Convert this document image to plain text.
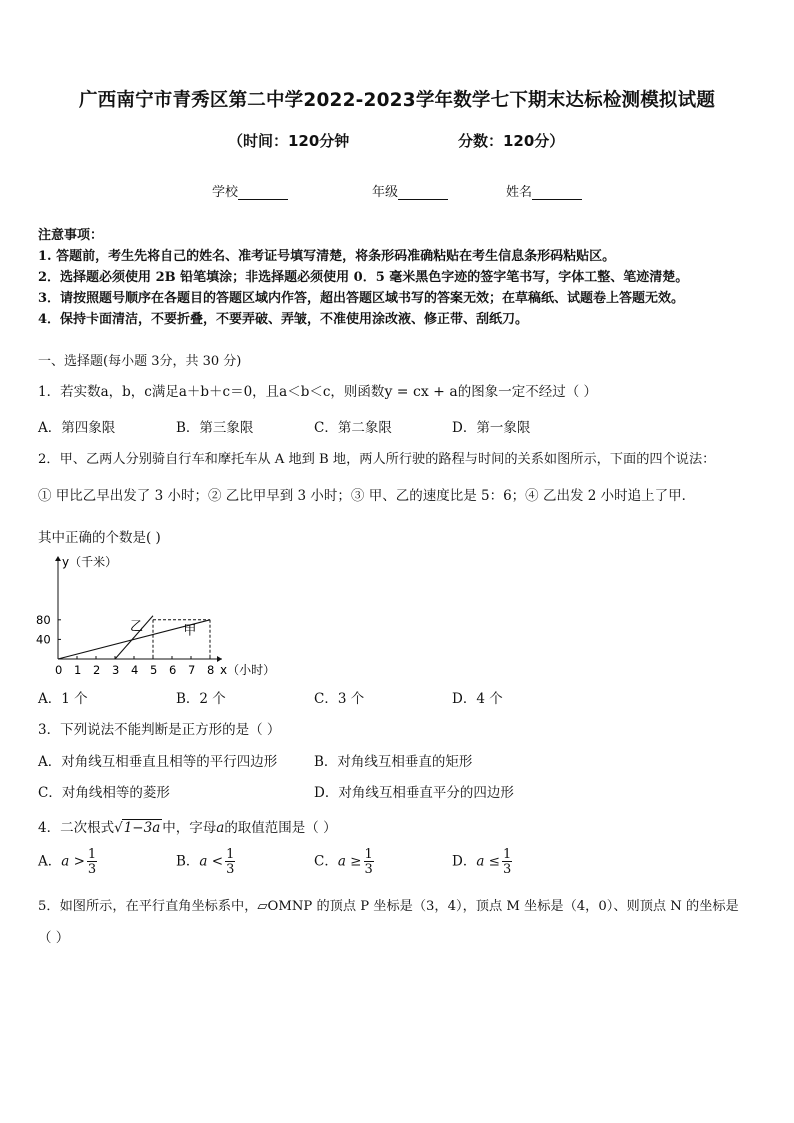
广西南宁市青秀区第二中学2022-2023学年数学七下期末达标检测模拟试题
（时间：120分钟	分数：120分）
学校	年级	姓名
注意事项：
1. 答题前，考生先将自己的姓名、准考证号填写清楚，将条形码准确粘贴在考生信息条形码粘贴区。
2．选择题必须使用 2B 铅笔填涂；非选择题必须使用 0．5 毫米黑色字迹的签字笔书写，字体工整、笔迹清楚。
3．请按照题号顺序在各题目的答题区域内作答，超出答题区域书写的答案无效；在草稿纸、试题卷上答题无效。
4．保持卡面清洁，不要折叠，不要弄破、弄皱，不准使用涂改液、修正带、刮纸刀。
一、选择题(每小题 3分，共 30 分)
1．若实数a，b，c满足a＋b＋c＝0，且a＜b＜c，则函数y = cx + a的图象一定不经过（ ）
A．第四象限	B．第三象限	C．第二象限	D．第一象限
2．甲、乙两人分别骑自行车和摩托车从 A 地到 B 地，两人所行驶的路程与时间的关系如图所示，下面的四个说法：
① 甲比乙早出发了 3 小时；② 乙比甲早到 3 小时；③ 甲、乙的速度比是 5：6；④ 乙出发 2 小时追上了甲．
其中正确的个数是( )
y（千米）
x（小时）
0 1 2 3 4 5 6 7 8
40
80	乙	甲
A．1 个	B．2 个	C．3 个	D．4 个
3．下列说法不能判断是正方形的是（ ）
A．对角线互相垂直且相等的平行四边形	B．对角线互相垂直的矩形
C．对角线相等的菱形	D．对角线互相垂直平分的四边形
4．二次根式√1−3a 中，字母a的取值范围是（ ）
A．$a > \frac{1}{3}$	B．$a < \frac{1}{3}$	C．$a \ge \frac{1}{3}$	D．$a \le \frac{1}{3}$
5．如图所示，在平行直角坐标系中，▱OMNP 的顶点 P 坐标是（3，4），顶点 M 坐标是（4，0）、则顶点 N 的坐标是
（ ）
